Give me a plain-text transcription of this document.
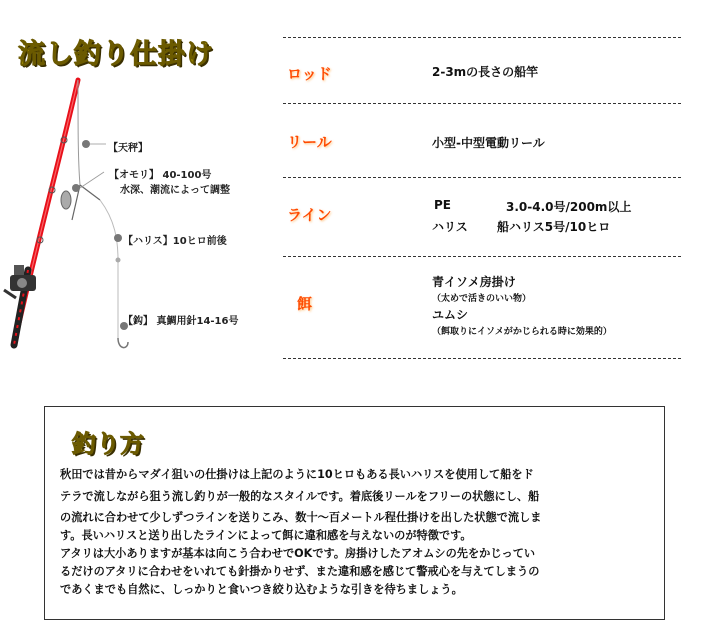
流し釣り仕掛け
【天秤】
【オモリ】 40-100号
水深、潮流によって調整
【ハリス】10ヒロ前後
【鈎】 真鯛用針14-16号
ロッド	2-3mの長さの船竿
リール	小型-中型電動リール
ライン
PE	3.0-4.0号/200m以上
ハリス 船ハリス5号/10ヒロ
餌
青イソメ房掛け
（太めで活きのいい物）
ユムシ
（餌取りにイソメがかじられる時に効果的）
釣り方
秋田では昔からマダイ狙いの仕掛けは上記のように10ヒロもある長いハリスを使用して船をド
テラで流しながら狙う流し釣りが一般的なスタイルです。着底後リールをフリーの状態にし、船
の流れに合わせて少しずつラインを送りこみ、数十～百メートル程仕掛けを出した状態で流しま
す。長いハリスと送り出したラインによって餌に違和感を与えないのが特徴です。
アタリは大小ありますが基本は向こう合わせでOKです。房掛けしたアオムシの先をかじってい
るだけのアタリに合わせをいれても針掛かりせず、また違和感を感じて警戒心を与えてしまうの
であくまでも自然に、しっかりと食いつき絞り込むような引きを待ちましょう。
